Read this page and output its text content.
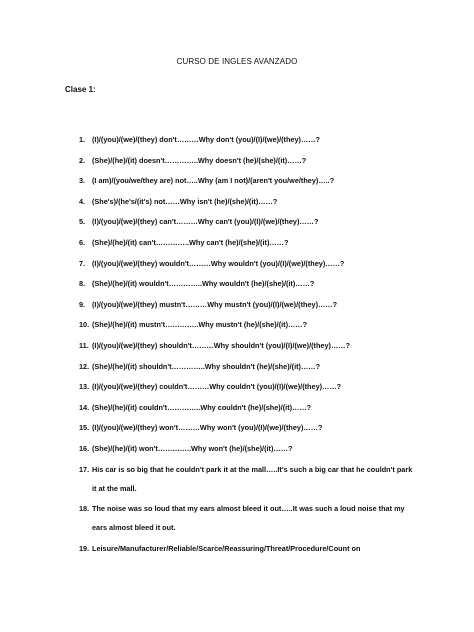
CURSO DE INGLES AVANZADO
Clase 1:
1. (I)/(you)/(we)/(they) don't………Why don't (you)/(I)/(we)/(they)……?
2. (She)/(he)/(it) doesn't…………..Why doesn't (he)/(she)/(it)……?
3. (I am)/(you/we/they are) not…..Why (am I not)/(aren't you/we/they)…..?
4. (She's)/(he's/(it's) not……Why isn't (he)/(she)/(it)……?
5. (I)/(you)/(we)/(they) can't………Why can't (you)/(I)/(we)/(they)……?
6. (She)/(he)/(it) can't…………..Why can't (he)/(she)/(it)……?
7. (I)/(you)/(we)/(they) wouldn't………Why wouldn't (you)/(I)/(we)/(they)……?
8. (She)/(he)/(it) wouldn't…………..Why wouldn't (he)/(she)/(it)……?
9. (I)/(you)/(we)/(they) mustn't………Why mustn't (you)/(I)/(we)/(they)……?
10. (She)/(he)/(it) mustn't…………..Why mustn't (he)/(she)/(it)……?
11. (I)/(you)/(we)/(they) shouldn't………Why shouldn't (you)/(I)/(we)/(they)……?
12. (She)/(he)/(it) shouldn't…………..Why shouldn't (he)/(she)/(it)……?
13. (I)/(you)/(we)/(they) couldn't………Why couldn't (you)/(I)/(we)/(they)……?
14. (She)/(he)/(it) couldn't…………..Why couldn't (he)/(she)/(it)……?
15. (I)/(you)/(we)/(they) won't………Why won't (you)/(I)/(we)/(they)……?
16. (She)/(he)/(it) won't…………..Why won't (he)/(she)/(it)……?
17. His car is so big that he couldn't park it at the mall…..It's such a big car that he couldn't park it at the mall.
18. The noise was so loud that my ears almost bleed it out…..It was such a loud noise that my ears almost bleed it out.
19. Leisure/Manufacturer/Reliable/Scarce/Reassuring/Threat/Procedure/Count on
